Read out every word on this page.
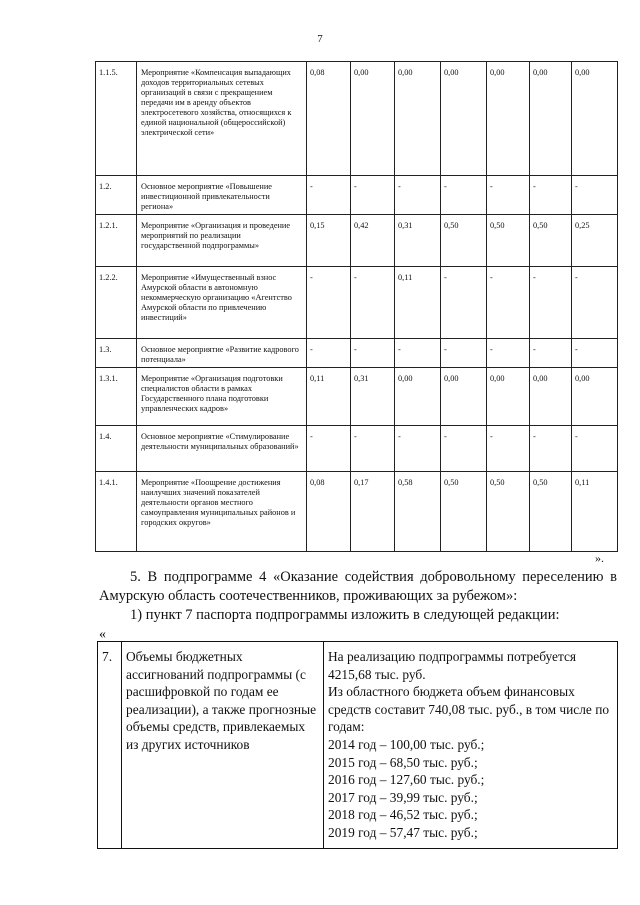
7
1.1.5.	Мероприятие «Компенсация выпадающих доходов территориальных сетевых организаций в связи с прекращением передачи им в аренду объектов электросетевого хозяйства, относящихся к единой национальной (общероссийской) электрической сети»	0,08	0,00	0,00	0,00	0,00	0,00	0,00
1.2.	Основное мероприятие «Повышение инвестиционной привлекательности региона»	-	-	-	-	-	-	-
1.2.1.	Мероприятие «Организация и проведение мероприятий по реализации государственной подпрограммы»	0,15	0,42	0,31	0,50	0,50	0,50	0,25
1.2.2.	Мероприятие «Имущественный взнос Амурской области в автономную некоммерческую организацию «Агентство Амурской области по привлечению инвестиций»	-	-	0,11	-	-	-	-
1.3.	Основное мероприятие «Развитие кадрового потенциала»	-	-	-	-	-	-	-
1.3.1.	Мероприятие «Организация подготовки специалистов области в рамках Государственного плана подготовки управленческих кадров»	0,11	0,31	0,00	0,00	0,00	0,00	0,00
1.4.	Основное мероприятие «Стимулирование деятельности муниципальных образований»	-	-	-	-	-	-	-
1.4.1.	Мероприятие «Поощрение достижения наилучших значений показателей деятельности органов местного самоуправления муниципальных районов и городских округов»	0,08	0,17	0,58	0,50	0,50	0,50	0,11
».

5. В подпрограмме 4 «Оказание содействия добровольному переселению в Амурскую область соотечественников, проживающих за рубежом»:

1) пункт 7 паспорта подпрограммы изложить в следующей редакции:

«
7.	Объемы бюджетных ассигнований подпрограммы (с расшифровкой по годам ее реализации), а также прогнозные объемы средств, привлекаемых из других источников	
На реализацию подпрограммы потребуется 4215,68 тыс. руб.
Из областного бюджета объем финансовых средств составит 740,08 тыс. руб., в том числе по годам:
2014 год – 100,00 тыс. руб.;
2015 год – 68,50 тыс. руб.;
2016 год – 127,60 тыс. руб.;
2017 год – 39,99 тыс. руб.;
2018 год – 46,52 тыс. руб.;
2019 год – 57,47 тыс. руб.;
